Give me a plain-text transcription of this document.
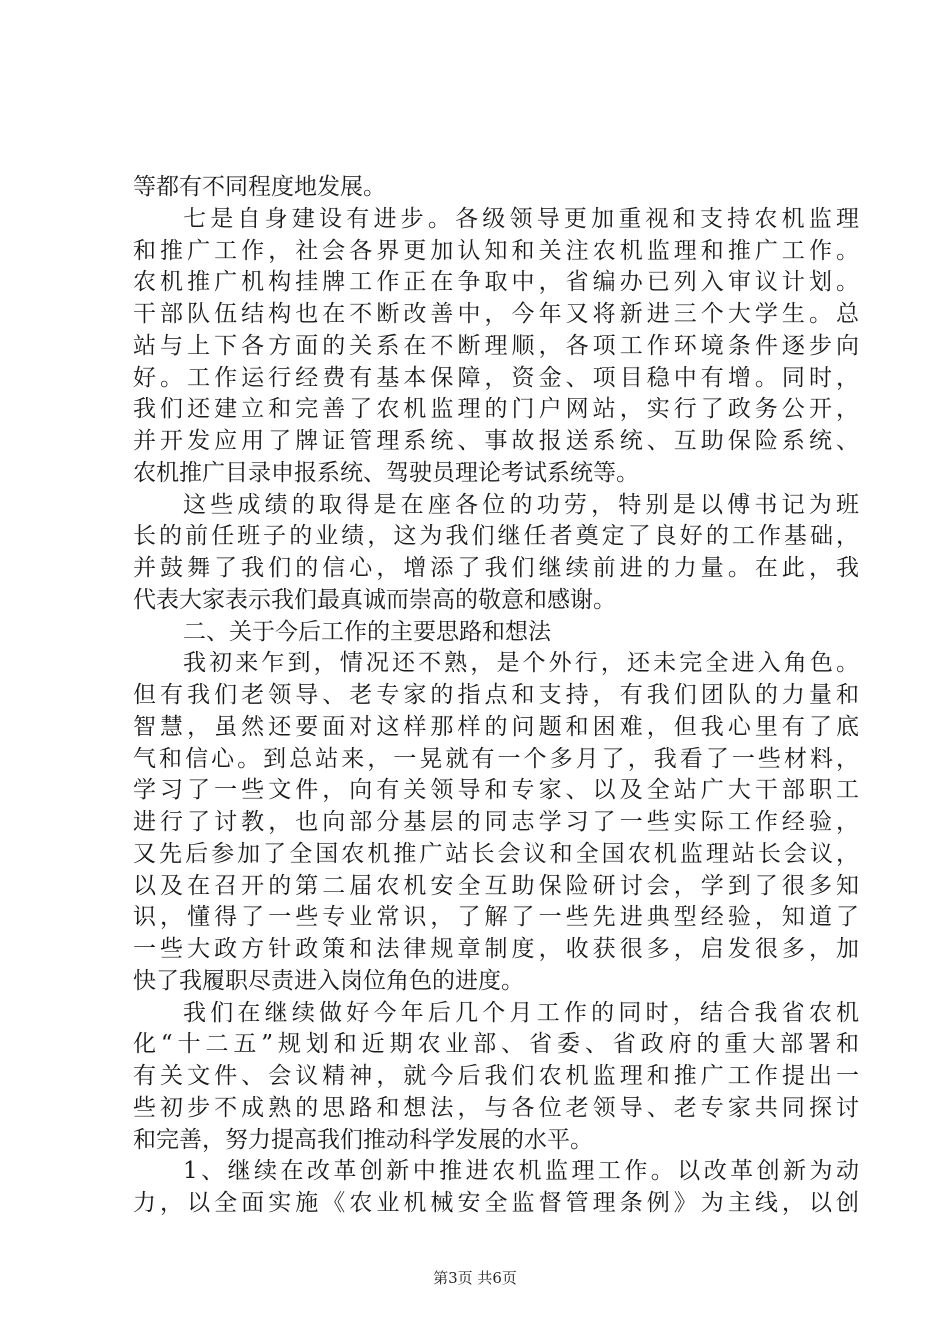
等都有不同程度地发展。
七是自身建设有进步。各级领导更加重视和支持农机监理
和推广工作，社会各界更加认知和关注农机监理和推广工作。
农机推广机构挂牌工作正在争取中，省编办已列入审议计划。
干部队伍结构也在不断改善中，今年又将新进三个大学生。总
站与上下各方面的关系在不断理顺，各项工作环境条件逐步向
好。工作运行经费有基本保障，资金、项目稳中有增。同时，
我们还建立和完善了农机监理的门户网站，实行了政务公开，
并开发应用了牌证管理系统、事故报送系统、互助保险系统、
农机推广目录申报系统、驾驶员理论考试系统等。
这些成绩的取得是在座各位的功劳，特别是以傅书记为班
长的前任班子的业绩，这为我们继任者奠定了良好的工作基础，
并鼓舞了我们的信心，增添了我们继续前进的力量。在此，我
代表大家表示我们最真诚而崇高的敬意和感谢。
二、关于今后工作的主要思路和想法
我初来乍到，情况还不熟，是个外行，还未完全进入角色。
但有我们老领导、老专家的指点和支持，有我们团队的力量和
智慧，虽然还要面对这样那样的问题和困难，但我心里有了底
气和信心。到总站来，一晃就有一个多月了，我看了一些材料，
学习了一些文件，向有关领导和专家、以及全站广大干部职工
进行了讨教，也向部分基层的同志学习了一些实际工作经验，
又先后参加了全国农机推广站长会议和全国农机监理站长会议，
以及在召开的第二届农机安全互助保险研讨会，学到了很多知
识，懂得了一些专业常识，了解了一些先进典型经验，知道了
一些大政方针政策和法律规章制度，收获很多，启发很多，加
快了我履职尽责进入岗位角色的进度。
我们在继续做好今年后几个月工作的同时，结合我省农机
化“十二五”规划和近期农业部、省委、省政府的重大部署和
有关文件、会议精神，就今后我们农机监理和推广工作提出一
些初步不成熟的思路和想法，与各位老领导、老专家共同探讨
和完善，努力提高我们推动科学发展的水平。
1、继续在改革创新中推进农机监理工作。以改革创新为动
力，以全面实施《农业机械安全监督管理条例》为主线，以创
第3页 共6页
